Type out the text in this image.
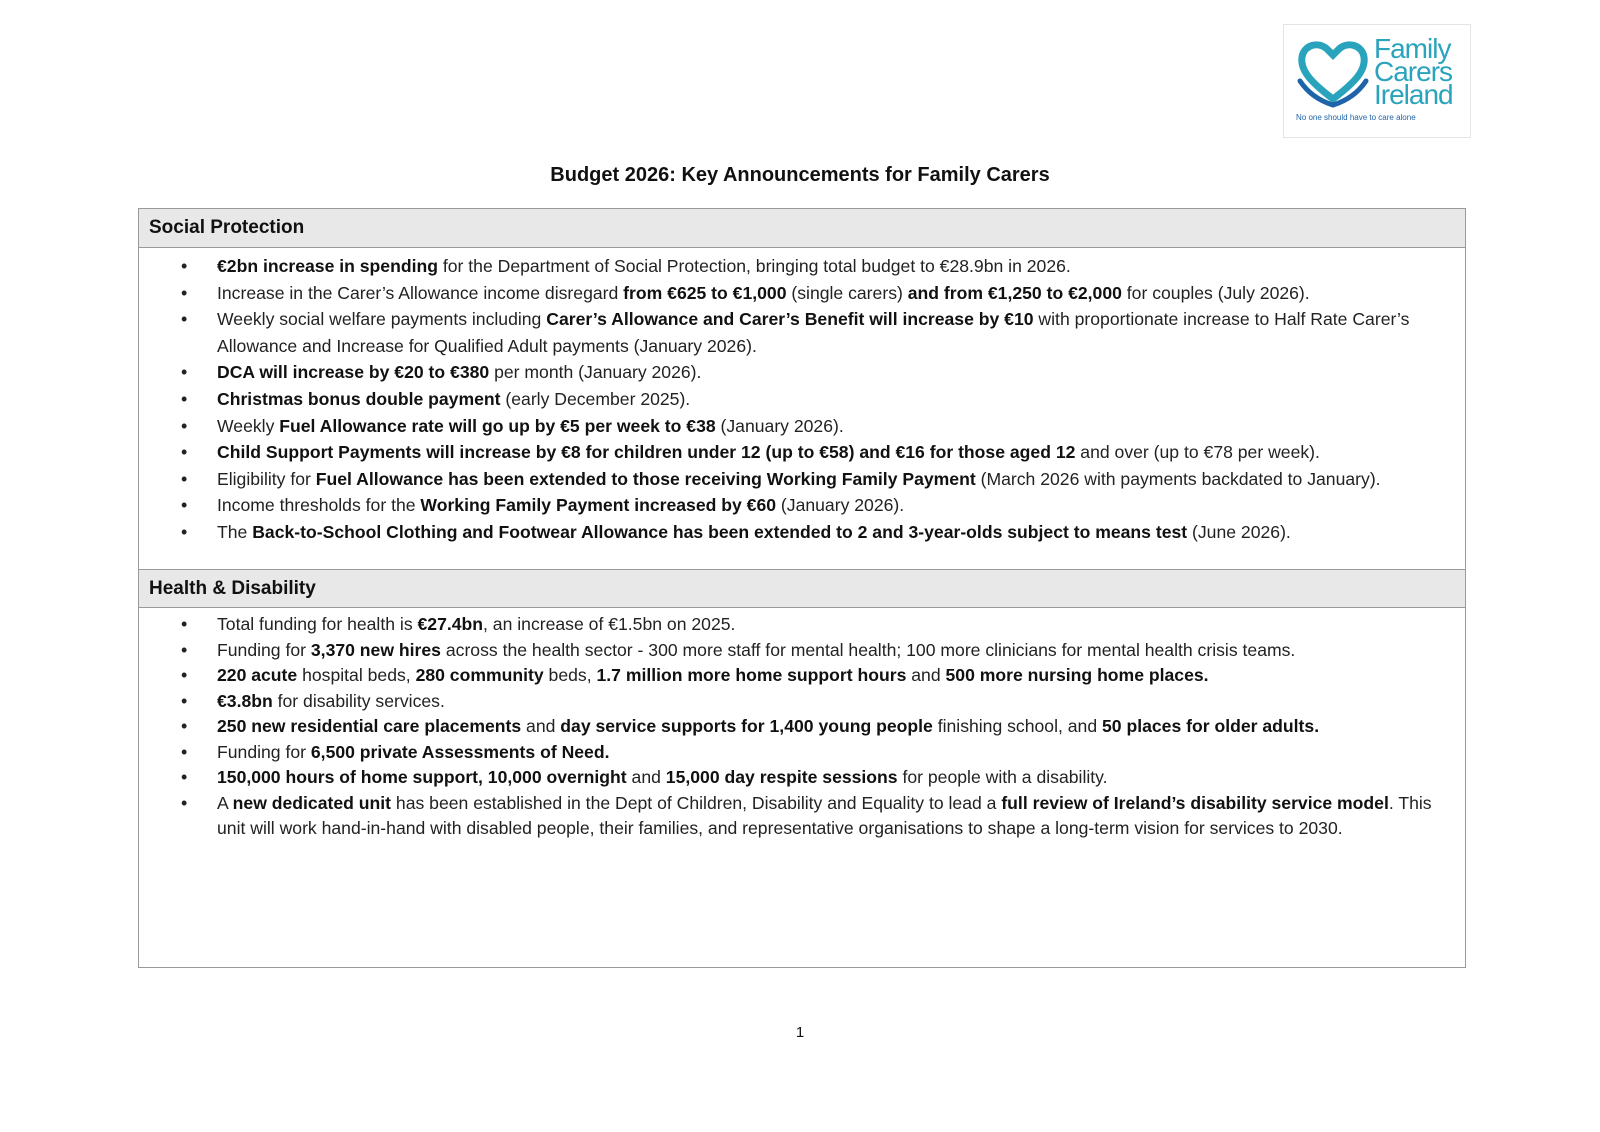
Family
Carers
Ireland
No one should have to care alone
Budget 2026: Key Announcements for Family Carers
Social Protection
• €2bn increase in spending for the Department of Social Protection, bringing total budget to €28.9bn in 2026.
• Increase in the Carer’s Allowance income disregard from €625 to €1,000 (single carers) and from €1,250 to €2,000 for couples (July 2026).
• Weekly social welfare payments including Carer’s Allowance and Carer’s Benefit will increase by €10 with proportionate increase to Half Rate Carer’s Allowance and Increase for Qualified Adult payments (January 2026).
• DCA will increase by €20 to €380 per month (January 2026).
• Christmas bonus double payment (early December 2025).
• Weekly Fuel Allowance rate will go up by €5 per week to €38 (January 2026).
• Child Support Payments will increase by €8 for children under 12 (up to €58) and €16 for those aged 12 and over (up to €78 per week).
• Eligibility for Fuel Allowance has been extended to those receiving Working Family Payment (March 2026 with payments backdated to January).
• Income thresholds for the Working Family Payment increased by €60 (January 2026).
• The Back-to-School Clothing and Footwear Allowance has been extended to 2 and 3-year-olds subject to means test (June 2026).
Health & Disability
• Total funding for health is €27.4bn, an increase of €1.5bn on 2025.
• Funding for 3,370 new hires across the health sector - 300 more staff for mental health; 100 more clinicians for mental health crisis teams.
• 220 acute hospital beds, 280 community beds, 1.7 million more home support hours and 500 more nursing home places.
• €3.8bn for disability services.
• 250 new residential care placements and day service supports for 1,400 young people finishing school, and 50 places for older adults.
• Funding for 6,500 private Assessments of Need.
• 150,000 hours of home support, 10,000 overnight and 15,000 day respite sessions for people with a disability.
• A new dedicated unit has been established in the Dept of Children, Disability and Equality to lead a full review of Ireland’s disability service model. This unit will work hand-in-hand with disabled people, their families, and representative organisations to shape a long-term vision for services to 2030.
1
